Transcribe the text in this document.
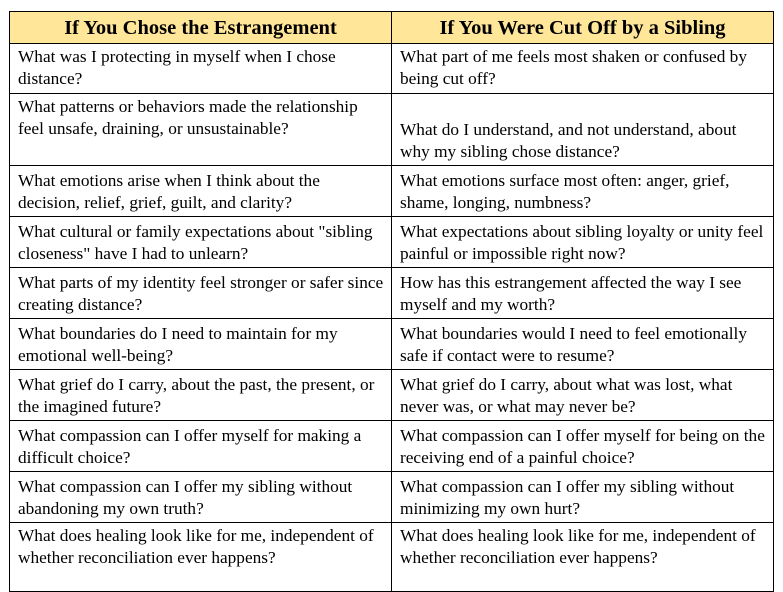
If You Chose the Estrangement	If You Were Cut Off by a Sibling
What was I protecting in myself when I chose distance?	What part of me feels most shaken or confused by being cut off?
What patterns or behaviors made the relationship feel unsafe, draining, or unsustainable?	What do I understand, and not understand, about why my sibling chose distance?
What emotions arise when I think about the decision, relief, grief, guilt, and clarity?	What emotions surface most often: anger, grief, shame, longing, numbness?
What cultural or family expectations about "sibling closeness" have I had to unlearn?	What expectations about sibling loyalty or unity feel painful or impossible right now?
What parts of my identity feel stronger or safer since creating distance?	How has this estrangement affected the way I see myself and my worth?
What boundaries do I need to maintain for my emotional well-being?	What boundaries would I need to feel emotionally safe if contact were to resume?
What grief do I carry, about the past, the present, or the imagined future?	What grief do I carry, about what was lost, what never was, or what may never be?
What compassion can I offer myself for making a difficult choice?	What compassion can I offer myself for being on the receiving end of a painful choice?
What compassion can I offer my sibling without abandoning my own truth?	What compassion can I offer my sibling without minimizing my own hurt?
What does healing look like for me, independent of whether reconciliation ever happens?	What does healing look like for me, independent of whether reconciliation ever happens?
